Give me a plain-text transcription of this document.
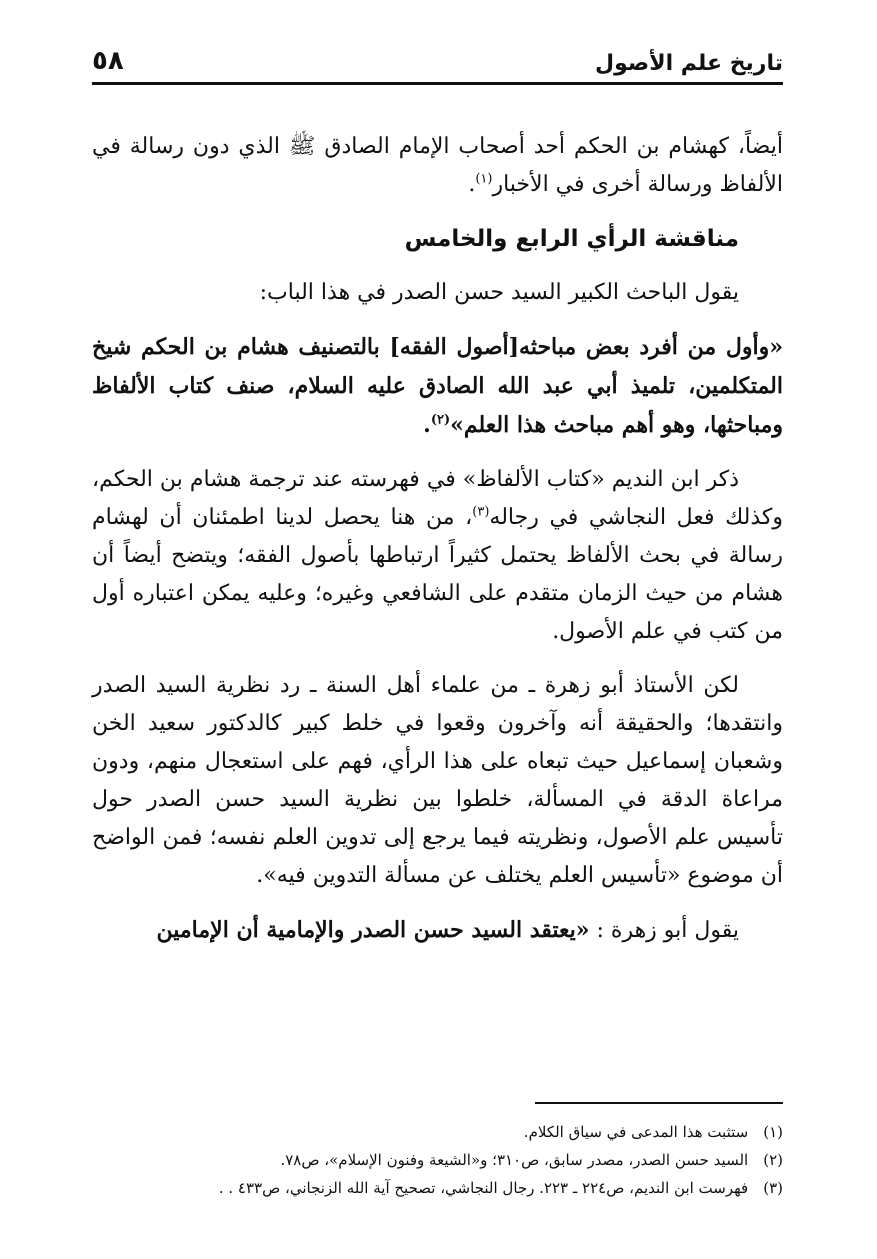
تاريخ علم الأصول
٥٨

أيضاً، كهشام بن الحكم أحد أصحاب الإمام الصادق ﷺ الذي دون رسالة في الألفاظ ورسالة أخرى في الأخبار$^{(١)}$.

مناقشة الرأي الرابع والخامس

يقول الباحث الكبير السيد حسن الصدر في هذا الباب:

«وأول من أفرد بعض مباحثه[أصول الفقه] بالتصنيف هشام بن الحكم شيخ المتكلمين، تلميذ أبي عبد الله الصادق عليه السلام، صنف كتاب الألفاظ ومباحثها، وهو أهم مباحث هذا العلم»$^{(٢)}$.

ذكر ابن النديم «كتاب الألفاظ» في فهرسته عند ترجمة هشام بن الحكم، وكذلك فعل النجاشي في رجاله$^{(٣)}$، من هنا يحصل لدينا اطمئنان أن لهشام رسالة في بحث الألفاظ يحتمل كثيراً ارتباطها بأصول الفقه؛ ويتضح أيضاً أن هشام من حيث الزمان متقدم على الشافعي وغيره؛ وعليه يمكن اعتباره أول من كتب في علم الأصول.

لكن الأستاذ أبو زهرة ـ من علماء أهل السنة ـ رد نظرية السيد الصدر وانتقدها؛ والحقيقة أنه وآخرون وقعوا في خلط كبير كالدكتور سعيد الخن وشعبان إسماعيل حيث تبعاه على هذا الرأي، فهم على استعجال منهم، ودون مراعاة الدقة في المسألة، خلطوا بين نظرية السيد حسن الصدر حول تأسيس علم الأصول، ونظريته فيما يرجع إلى تدوين العلم نفسه؛ فمن الواضح أن موضوع «تأسيس العلم يختلف عن مسألة التدوين فيه».

يقول أبو زهرة : «يعتقد السيد حسن الصدر والإمامية أن الإمامين

(١) ستثبت هذا المدعى في سياق الكلام.

(٢) السيد حسن الصدر، مصدر سابق، ص٣١٠؛ و«الشيعة وفنون الإسلام»، ص٧٨.

(٣) فهرست ابن النديم، ص٢٢٤ ـ ٢٢٣. رجال النجاشي، تصحيح آية الله الزنجاني، ص٤٣٣ . .
